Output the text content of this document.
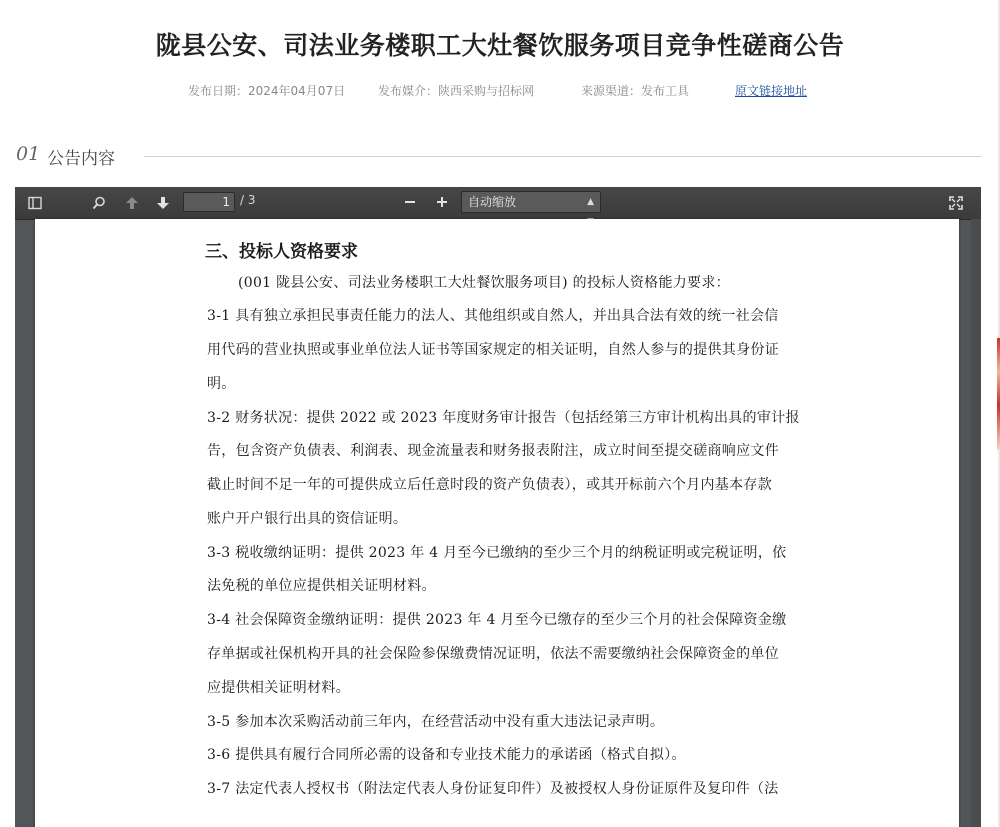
陇县公安、司法业务楼职工大灶餐饮服务项目竞争性磋商公告
发布日期：2024年04月07日	发布媒介：陕西采购与招标网	来源渠道：发布工具	原文链接地址
01 公告内容
1
/ 3	自动缩放	▲

三、投标人资格要求
(001 陇县公安、司法业务楼职工大灶餐饮服务项目) 的投标人资格能力要求：
3-1 具有独立承担民事责任能力的法人、其他组织或自然人，并出具合法有效的统一社会信
用代码的营业执照或事业单位法人证书等国家规定的相关证明，自然人参与的提供其身份证
明。
3-2 财务状况：提供 2022 或 2023 年度财务审计报告（包括经第三方审计机构出具的审计报
告，包含资产负债表、利润表、现金流量表和财务报表附注，成立时间至提交磋商响应文件
截止时间不足一年的可提供成立后任意时段的资产负债表），或其开标前六个月内基本存款
账户开户银行出具的资信证明。
3-3 税收缴纳证明：提供 2023 年 4 月至今已缴纳的至少三个月的纳税证明或完税证明，依
法免税的单位应提供相关证明材料。
3-4 社会保障资金缴纳证明：提供 2023 年 4 月至今已缴存的至少三个月的社会保障资金缴
存单据或社保机构开具的社会保险参保缴费情况证明，依法不需要缴纳社会保障资金的单位
应提供相关证明材料。
3-5 参加本次采购活动前三年内，在经营活动中没有重大违法记录声明。
3-6 提供具有履行合同所必需的设备和专业技术能力的承诺函（格式自拟）。
3-7 法定代表人授权书（附法定代表人身份证复印件）及被授权人身份证原件及复印件（法
